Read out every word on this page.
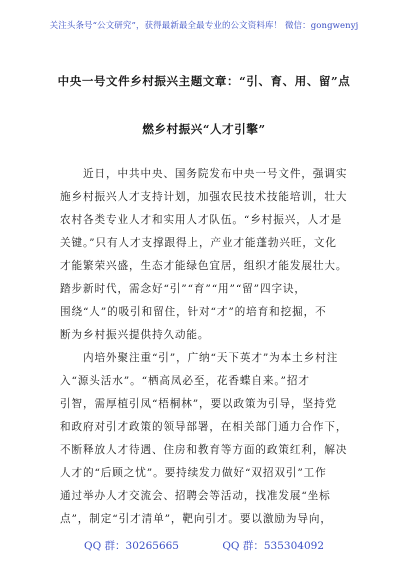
关注头条号“公文研究”，获得最新最全最专业的公文资料库！ 微信：gongwenyj
中央一号文件乡村振兴主题文章：“引、育、用、留”点
燃乡村振兴“人才引擎”
　　近日，中共中央、国务院发布中央一号文件，强调实
施乡村振兴人才支持计划，加强农民技术技能培训，壮大
农村各类专业人才和实用人才队伍。“乡村振兴，人才是
关键。”只有人才支撑跟得上，产业才能蓬勃兴旺，文化
才能繁荣兴盛，生态才能绿色宜居，组织才能发展壮大。
踏步新时代，需念好“引”“育”“用”“留”四字诀，
围绕“人”的吸引和留住，针对“才”的培育和挖掘，不
断为乡村振兴提供持久动能。
　　内培外聚注重“引”，广纳“天下英才”为本土乡村注
入“源头活水”。“栖高凤必至，花香蝶自来。”招才
引智，需厚植引凤“梧桐林”，要以政策为引导，坚持党
和政府对引才政策的领导部署，在相关部门通力合作下，
不断释放人才待遇、住房和教育等方面的政策红利，解决
人才的“后顾之忧”。要持续发力做好“双招双引”工作
通过举办人才交流会、招聘会等活动，找准发展“坐标
点”，制定“引才清单”，靶向引才。要以激励为导向，
QQ 群：30265665	QQ 群：535304092
